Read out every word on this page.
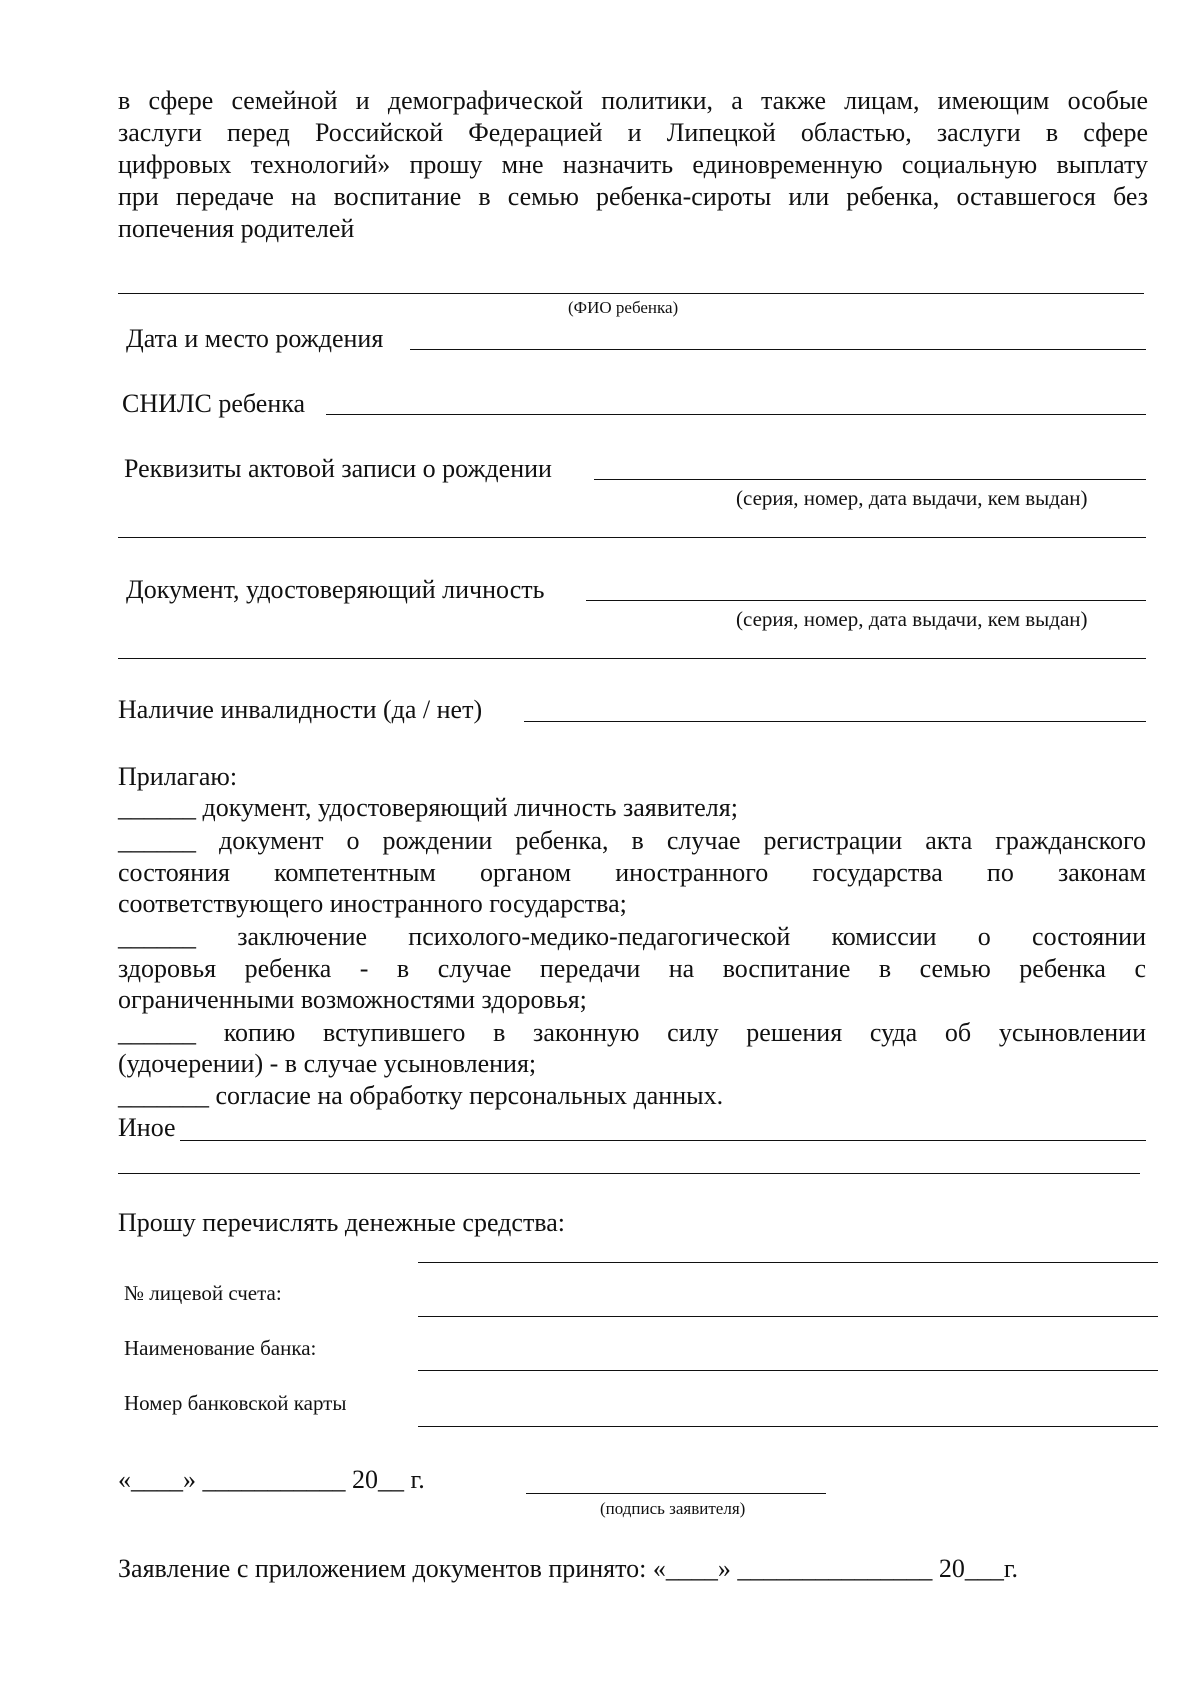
в сфере семейной и демографической политики, а также лицам, имеющим особые

заслуги перед Российской Федерацией и Липецкой областью, заслуги в сфере

цифровых технологий» прошу мне назначить единовременную социальную выплату

при передаче на воспитание в семью ребенка-сироты или ребенка, оставшегося без

попечения родителей

(ФИО ребенка)
Дата и место рождения
СНИЛС ребенка
Реквизиты актовой записи о рождении
(серия, номер, дата выдачи, кем выдан)
Документ, удостоверяющий личность
(серия, номер, дата выдачи, кем выдан)
Наличие инвалидности (да / нет)
Прилагаю:
______ документ, удостоверяющий личность заявителя;
______ документ о рождении ребенка, в случае регистрации акта гражданского
состояния компетентным органом иностранного государства по законам
соответствующего иностранного государства;
______ заключение психолого-медико-педагогической комиссии о состоянии
здоровья ребенка - в случае передачи на воспитание в семью ребенка с
ограниченными возможностями здоровья;
______ копию вступившего в законную силу решения суда об усыновлении
(удочерении) - в случае усыновления;
_______ согласие на обработку персональных данных.
Иное
Прошу перечислять денежные средства:
№ лицевой счета:
Наименование банка:
Номер банковской карты
«____» ___________ 20__ г.
(подпись заявителя)
Заявление с приложением документов принято: «____» _______________ 20___г.
